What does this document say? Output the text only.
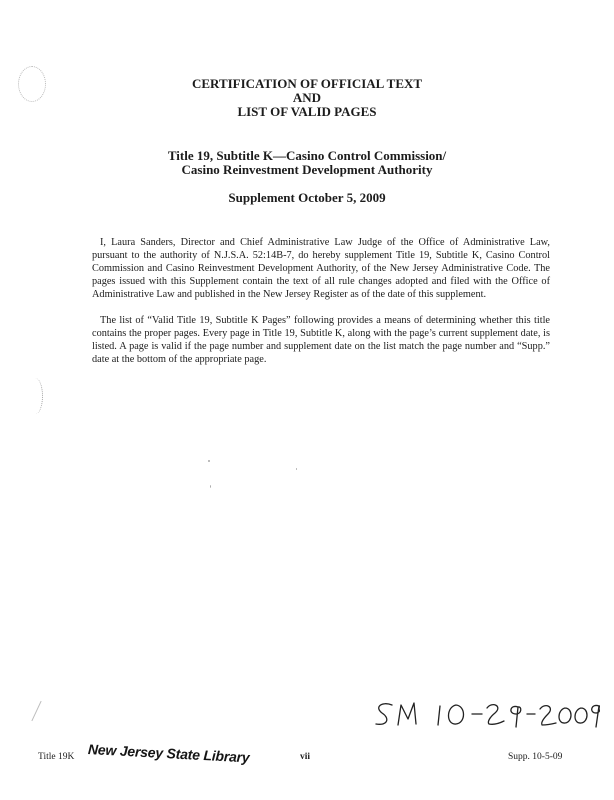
CERTIFICATION OF OFFICIAL TEXT
AND
LIST OF VALID PAGES
Title 19, Subtitle K—Casino Control Commission/
Casino Reinvestment Development Authority
Supplement October 5, 2009

I, Laura Sanders, Director and Chief Administrative Law Judge of the Office of Administrative Law, pursuant to the authority of N.J.S.A. 52:14B-7, do hereby supplement Title 19, Subtitle K, Casino Control Commission and Casino Reinvestment Development Authority, of the New Jersey Administrative Code. The pages issued with this Supplement contain the text of all rule changes adopted and filed with the Office of Administrative Law and published in the New Jersey Register as of the date of this supplement.

The list of “Valid Title 19, Subtitle K Pages” following provides a means of determining whether this title contains the proper pages. Every page in Title 19, Subtitle K, along with the page’s current supplement date, is listed. A page is valid if the page number and supplement date on the list match the page number and “Supp.” date at the bottom of the appropriate page.

Title 19K New Jersey State Library	vii	Supp. 10-5-09
